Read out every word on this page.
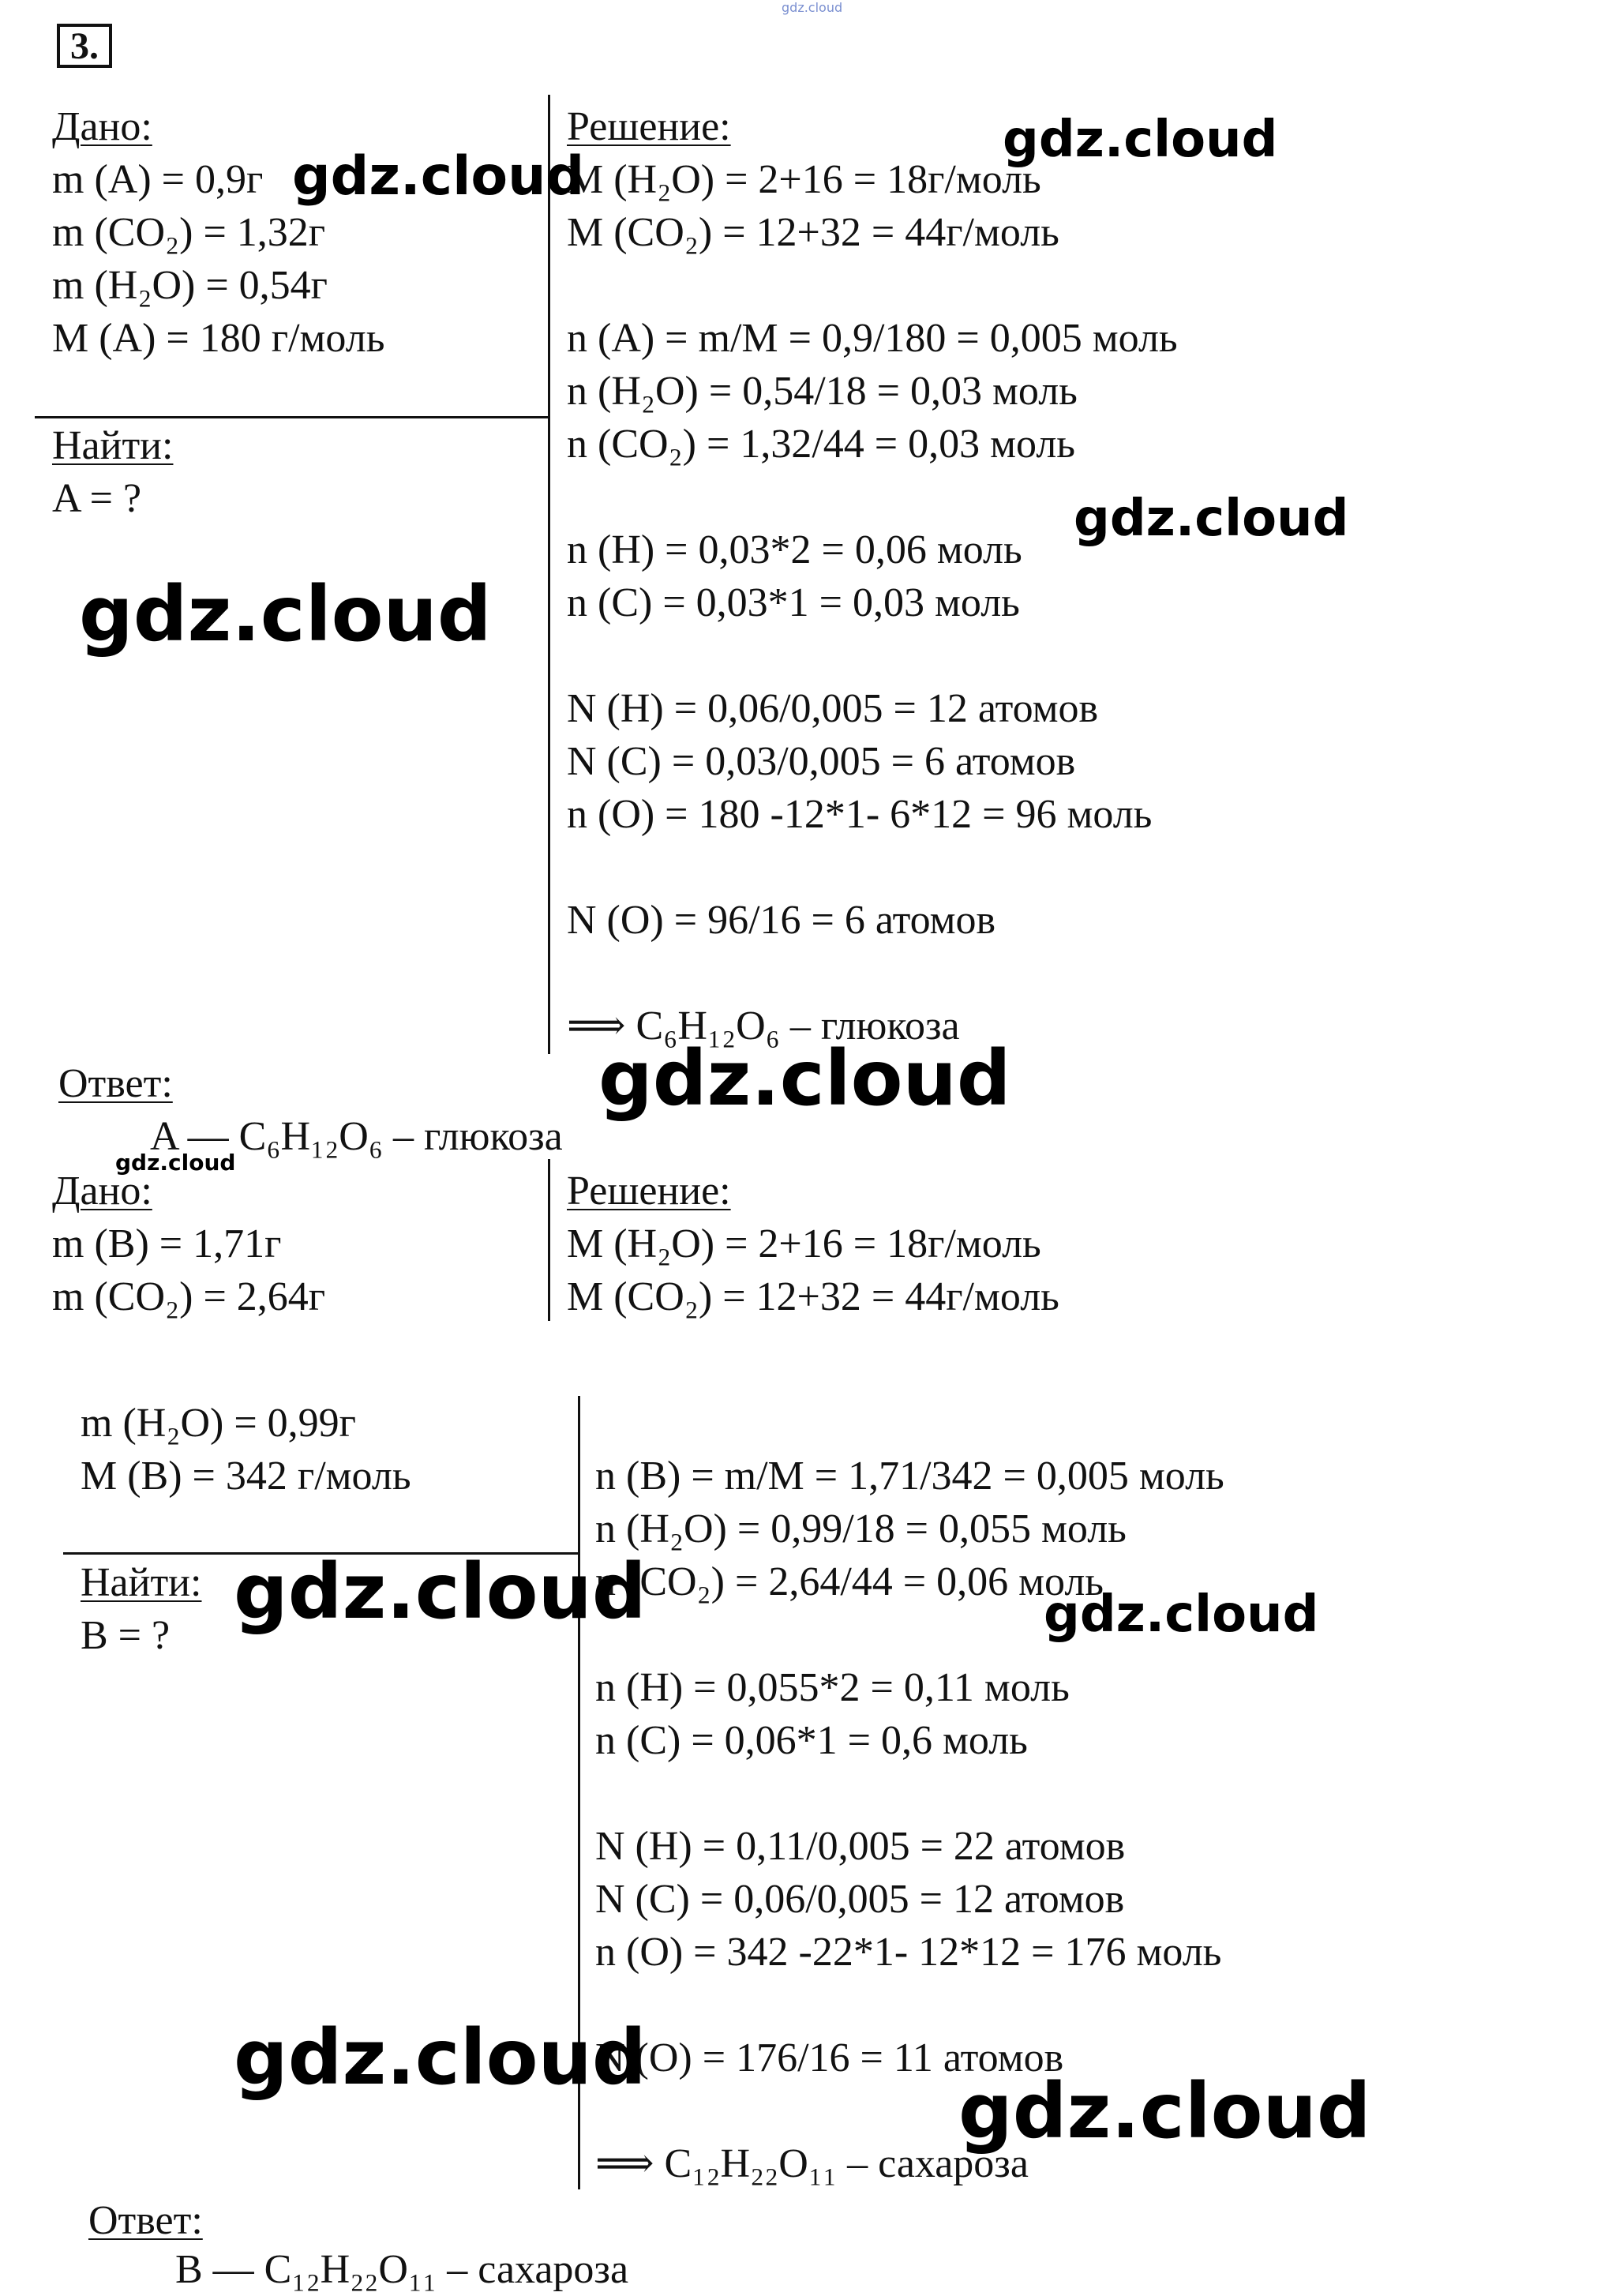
gdz.cloud
3.
Дано:
m (A) = 0,9г
m (CO₂) = 1,32г
m (H₂O) = 0,54г
M (A) = 180 г/моль
Найти:
A = ?
Решение:
M (H₂O) = 2+16 = 18г/моль
M (CO₂) = 12+32 = 44г/моль
n (A) = m/M = 0,9/180 = 0,005 моль
n (H₂O) = 0,54/18 = 0,03 моль
n (CO₂) = 1,32/44 = 0,03 моль
n (H) = 0,03*2 = 0,06 моль
n (C) = 0,03*1 = 0,03 моль
N (H) = 0,06/0,005 = 12 атомов
N (C) = 0,03/0,005 = 6 атомов
n (O) = 180 -12*1- 6*12 = 96 моль
N (O) = 96/16 = 6 атомов
⟹ C₆H₁₂O₆ – глюкоза
Ответ:
A — C₆H₁₂O₆ – глюкоза
Дано:
m (B) = 1,71г
m (CO₂) = 2,64г
Решение:
M (H₂O) = 2+16 = 18г/моль
M (CO₂) = 12+32 = 44г/моль
m (H₂O) = 0,99г
M (B) = 342 г/моль
Найти:
B = ?
n (B) = m/M = 1,71/342 = 0,005 моль
n (H₂O) = 0,99/18 = 0,055 моль
n (CO₂) = 2,64/44 = 0,06 моль
n (H) = 0,055*2 = 0,11 моль
n (C) = 0,06*1 = 0,6 моль
N (H) = 0,11/0,005 = 22 атомов
N (C) = 0,06/0,005 = 12 атомов
n (O) = 342 -22*1- 12*12 = 176 моль
N (O) = 176/16 = 11 атомов
⟹ C₁₂H₂₂O₁₁ – сахароза
Ответ:
B — C₁₂H₂₂O₁₁ – сахароза
gdz.cloud
gdz.cloud
gdz.cloud
gdz.cloud
gdz.cloud
gdz.cloud
gdz.cloud	gdz.cloud
gdz.cloud
gdz.cloud
